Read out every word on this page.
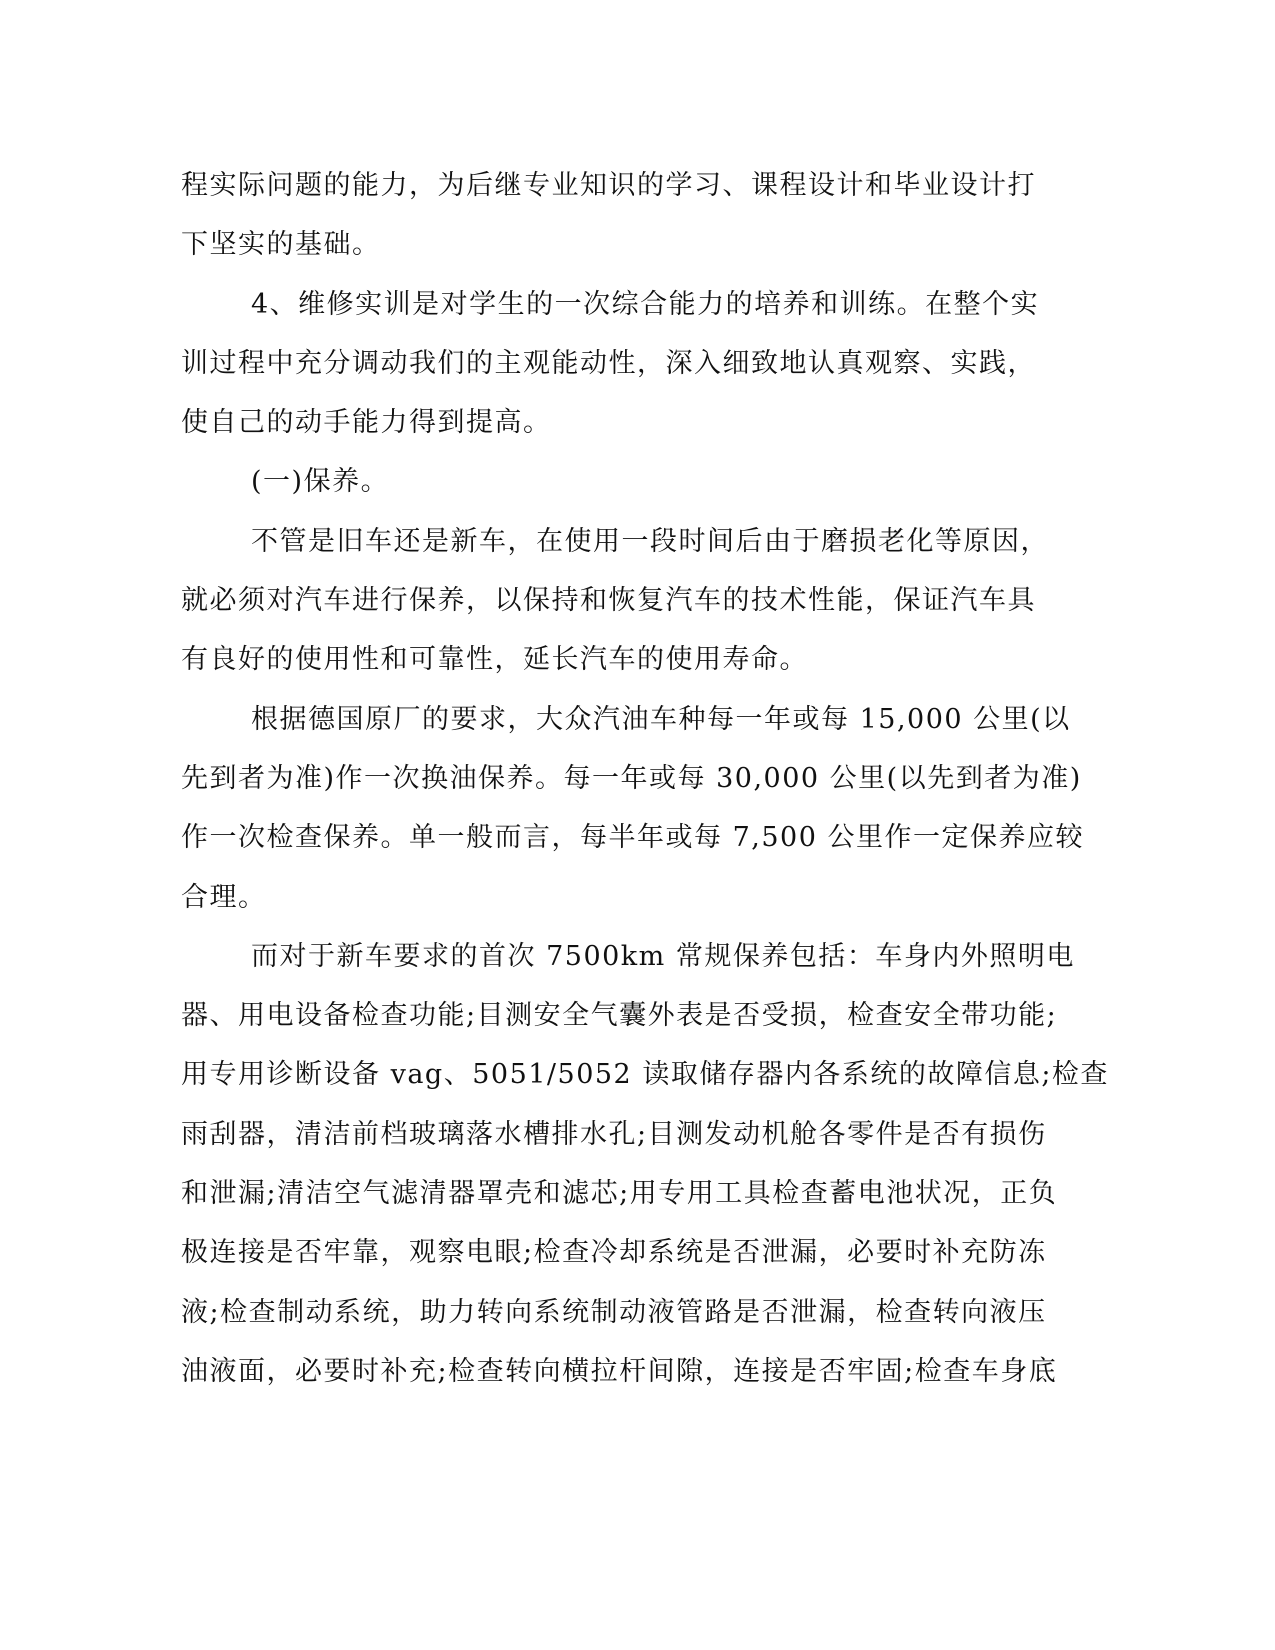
程实际问题的能力，为后继专业知识的学习、课程设计和毕业设计打
下坚实的基础。
4、维修实训是对学生的一次综合能力的培养和训练。在整个实
训过程中充分调动我们的主观能动性，深入细致地认真观察、实践，
使自己的动手能力得到提高。
(一)保养。
不管是旧车还是新车，在使用一段时间后由于磨损老化等原因，
就必须对汽车进行保养，以保持和恢复汽车的技术性能，保证汽车具
有良好的使用性和可靠性，延长汽车的使用寿命。
根据德国原厂的要求，大众汽油车种每一年或每 15,000 公里(以
先到者为准)作一次换油保养。每一年或每 30,000 公里(以先到者为准)
作一次检查保养。单一般而言，每半年或每 7,500 公里作一定保养应较
合理。
而对于新车要求的首次 7500km 常规保养包括：车身内外照明电
器、用电设备检查功能;目测安全气囊外表是否受损，检查安全带功能;
用专用诊断设备 vag、5051/5052 读取储存器内各系统的故障信息;检查
雨刮器，清洁前档玻璃落水槽排水孔;目测发动机舱各零件是否有损伤
和泄漏;清洁空气滤清器罩壳和滤芯;用专用工具检查蓄电池状况，正负
极连接是否牢靠，观察电眼;检查冷却系统是否泄漏，必要时补充防冻
液;检查制动系统，助力转向系统制动液管路是否泄漏，检查转向液压
油液面，必要时补充;检查转向横拉杆间隙，连接是否牢固;检查车身底
